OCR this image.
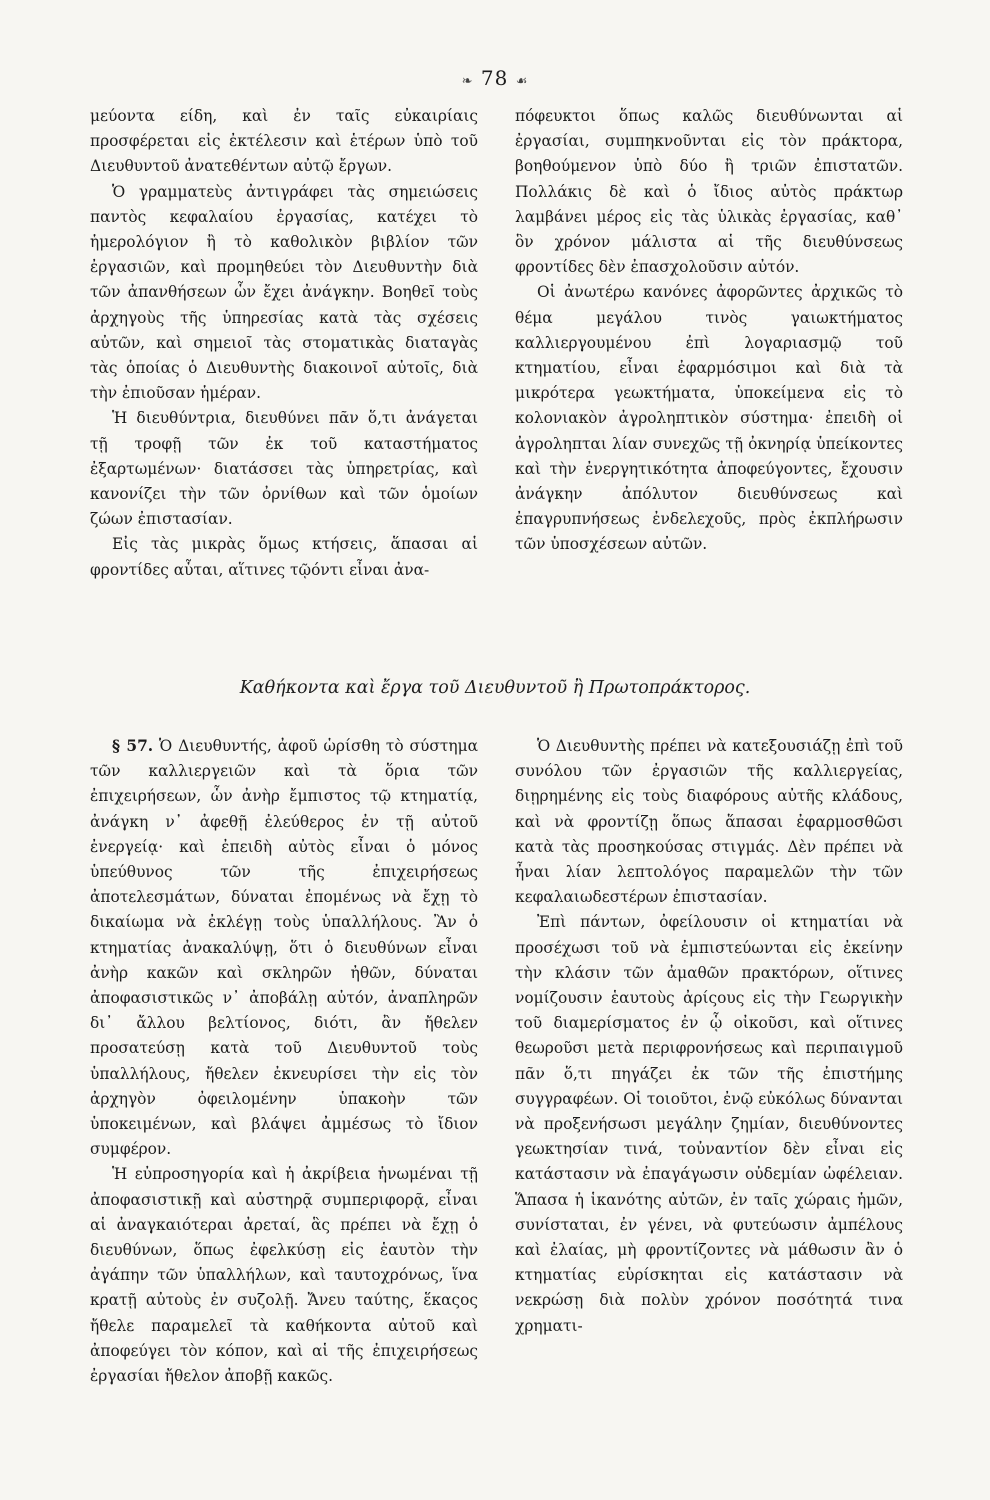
❧ 78 ☙

μεύοντα είδη, καὶ ἐν ταῖς εὐκαιρίαις προσφέρεται εἰς ἐκτέλεσιν καὶ ἑτέρων ὑπὸ τοῦ Διευθυντοῦ ἀνατεθέντων αὐτῷ ἔργων.

Ὁ γραμματεὺς ἀντιγράφει τὰς σημειώσεις παντὸς κεφαλαίου ἐργασίας, κατέχει τὸ ἡμερολόγιον ἢ τὸ καθολικὸν βιβλίον τῶν ἐργασιῶν, καὶ προμηθεύει τὸν Διευθυντὴν διὰ τῶν ἀπανθήσεων ὧν ἔχει ἀνάγκην. Βοηθεῖ τοὺς ἀρχηγοὺς τῆς ὑπηρεσίας κατὰ τὰς σχέσεις αὐτῶν, καὶ σημειοῖ τὰς στοματικὰς διαταγὰς τὰς ὁποίας ὁ Διευθυντὴς διακοινοῖ αὐτοῖς, διὰ τὴν ἐπιοῦσαν ἡμέραν.

Ἡ διευθύντρια, διευθύνει πᾶν ὅ,τι ἀνάγεται τῇ τροφῇ τῶν ἐκ τοῦ καταστήματος ἐξαρτωμένων· διατάσσει τὰς ὑπηρετρίας, καὶ κανονίζει τὴν τῶν ὀρνίθων καὶ τῶν ὁμοίων ζώων ἐπιστασίαν.

Εἰς τὰς μικρὰς ὅμως κτήσεις, ἅπασαι αἱ φροντίδες αὗται, αἵτινες τῷόντι εἶναι ἀνα-

πόφευκτοι ὅπως καλῶς διευθύνωνται αἱ ἐργασίαι, συμπηκνοῦνται εἰς τὸν πράκτορα, βοηθούμενον ὑπὸ δύο ἢ τριῶν ἐπιστατῶν. Πολλάκις δὲ καὶ ὁ ἴδιος αὐτὸς πράκτωρ λαμβάνει μέρος εἰς τὰς ὑλικὰς ἐργασίας, καθ᾽ ὃν χρόνον μάλιστα αἱ τῆς διευθύνσεως φροντίδες δὲν ἐπασχολοῦσιν αὐτόν.

Οἱ ἀνωτέρω κανόνες ἀφορῶντες ἀρχικῶς τὸ θέμα μεγάλου τινὸς γαιωκτήματος καλλιεργουμένου ἐπὶ λογαριασμῷ τοῦ κτηματίου, εἶναι ἐφαρμόσιμοι καὶ διὰ τὰ μικρότερα γεωκτήματα, ὑποκείμενα εἰς τὸ κολονιακὸν ἀγροληπτικὸν σύστημα· ἐπειδὴ οἱ ἀγροληπται λίαν συνεχῶς τῇ ὀκνηρίᾳ ὑπείκοντες καὶ τὴν ἐνεργητικότητα ἀποφεύγοντες, ἔχουσιν ἀνάγκην ἀπόλυτον διευθύνσεως καὶ ἐπαγρυπνήσεως ἐνδελεχοῦς, πρὸς ἐκπλήρωσιν τῶν ὑποσχέσεων αὐτῶν.

Καθήκοντα καὶ ἔργα τοῦ Διευθυντοῦ ἢ Πρωτοπράκτορος.

§ 57. Ὁ Διευθυντής, ἀφοῦ ὡρίσθη τὸ σύστημα τῶν καλλιεργειῶν καὶ τὰ ὅρια τῶν ἐπιχειρήσεων, ὧν ἀνὴρ ἔμπιστος τῷ κτηματίᾳ, ἀνάγκη ν᾽ ἀφεθῇ ἐλεύθερος ἐν τῇ αὐτοῦ ἐνεργείᾳ· καὶ ἐπειδὴ αὐτὸς εἶναι ὁ μόνος ὑπεύθυνος τῶν τῆς ἐπιχειρήσεως ἀποτελεσμάτων, δύναται ἐπομένως νὰ ἔχῃ τὸ δικαίωμα νὰ ἐκλέγῃ τοὺς ὑπαλλήλους. Ἂν ὁ κτηματίας ἀνακαλύψῃ, ὅτι ὁ διευθύνων εἶναι ἀνὴρ κακῶν καὶ σκληρῶν ἠθῶν, δύναται ἀποφασιστικῶς ν᾽ ἀποβάλῃ αὐτόν, ἀναπληρῶν δι᾽ ἄλλου βελτίονος, διότι, ἂν ἤθελεν προσατεύσῃ κατὰ τοῦ Διευθυντοῦ τοὺς ὑπαλλήλους, ἤθελεν ἐκνευρίσει τὴν εἰς τὸν ἀρχηγὸν ὀφειλομένην ὑπακοὴν τῶν ὑποκειμένων, καὶ βλάψει ἀμμέσως τὸ ἴδιον συμφέρον.

Ἡ εὐπροσηγορία καὶ ἡ ἀκρίβεια ἡνωμέναι τῇ ἀποφασιστικῇ καὶ αὐστηρᾷ συμπεριφορᾷ, εἶναι αἱ ἀναγκαιότεραι ἀρεταί, ἃς πρέπει νὰ ἔχῃ ὁ διευθύνων, ὅπως ἐφελκύσῃ εἰς ἑαυτὸν τὴν ἀγάπην τῶν ὑπαλλήλων, καὶ ταυτοχρόνως, ἵνα κρατῇ αὐτοὺς ἐν συζολῇ. Ἄνευ ταύτης, ἕκαςος ἤθελε παραμελεῖ τὰ καθήκοντα αὐτοῦ καὶ ἀποφεύγει τὸν κόπον, καὶ αἱ τῆς ἐπιχειρήσεως ἐργασίαι ἤθελον ἀποβῇ κακῶς.

Ὁ Διευθυντὴς πρέπει νὰ κατεξουσιάζῃ ἐπὶ τοῦ συνόλου τῶν ἐργασιῶν τῆς καλλιεργείας, διῃρημένης εἰς τοὺς διαφόρους αὐτῆς κλάδους, καὶ νὰ φροντίζῃ ὅπως ἅπασαι ἐφαρμοσθῶσι κατὰ τὰς προσηκούσας στιγμάς. Δὲν πρέπει νὰ ἦναι λίαν λεπτολόγος παραμελῶν τὴν τῶν κεφαλαιωδεστέρων ἐπιστασίαν.

Ἐπὶ πάντων, ὀφείλουσιν οἱ κτηματίαι νὰ προσέχωσι τοῦ νὰ ἐμπιστεύωνται εἰς ἐκείνην τὴν κλάσιν τῶν ἀμαθῶν πρακτόρων, οἵτινες νομίζουσιν ἑαυτοὺς ἀρίςους εἰς τὴν Γεωργικὴν τοῦ διαμερίσματος ἐν ᾧ οἰκοῦσι, καὶ οἵτινες θεωροῦσι μετὰ περιφρονήσεως καὶ περιπαιγμοῦ πᾶν ὅ,τι πηγάζει ἐκ τῶν τῆς ἐπιστήμης συγγραφέων. Οἱ τοιοῦτοι, ἐνῷ εὐκόλως δύνανται νὰ προξενήσωσι μεγάλην ζημίαν, διευθύνοντες γεωκτησίαν τινά, τοὐναντίον δὲν εἶναι εἰς κατάστασιν νὰ ἐπαγάγωσιν οὐδεμίαν ὠφέλειαν. Ἅπασα ἡ ἱκανότης αὐτῶν, ἐν ταῖς χώραις ἡμῶν, συνίσταται, ἐν γένει, νὰ φυτεύωσιν ἀμπέλους καὶ ἐλαίας, μὴ φροντίζοντες νὰ μάθωσιν ἂν ὁ κτηματίας εὑρίσκηται εἰς κατάστασιν νὰ νεκρώσῃ διὰ πολὺν χρόνον ποσότητά τινα χρηματι-
